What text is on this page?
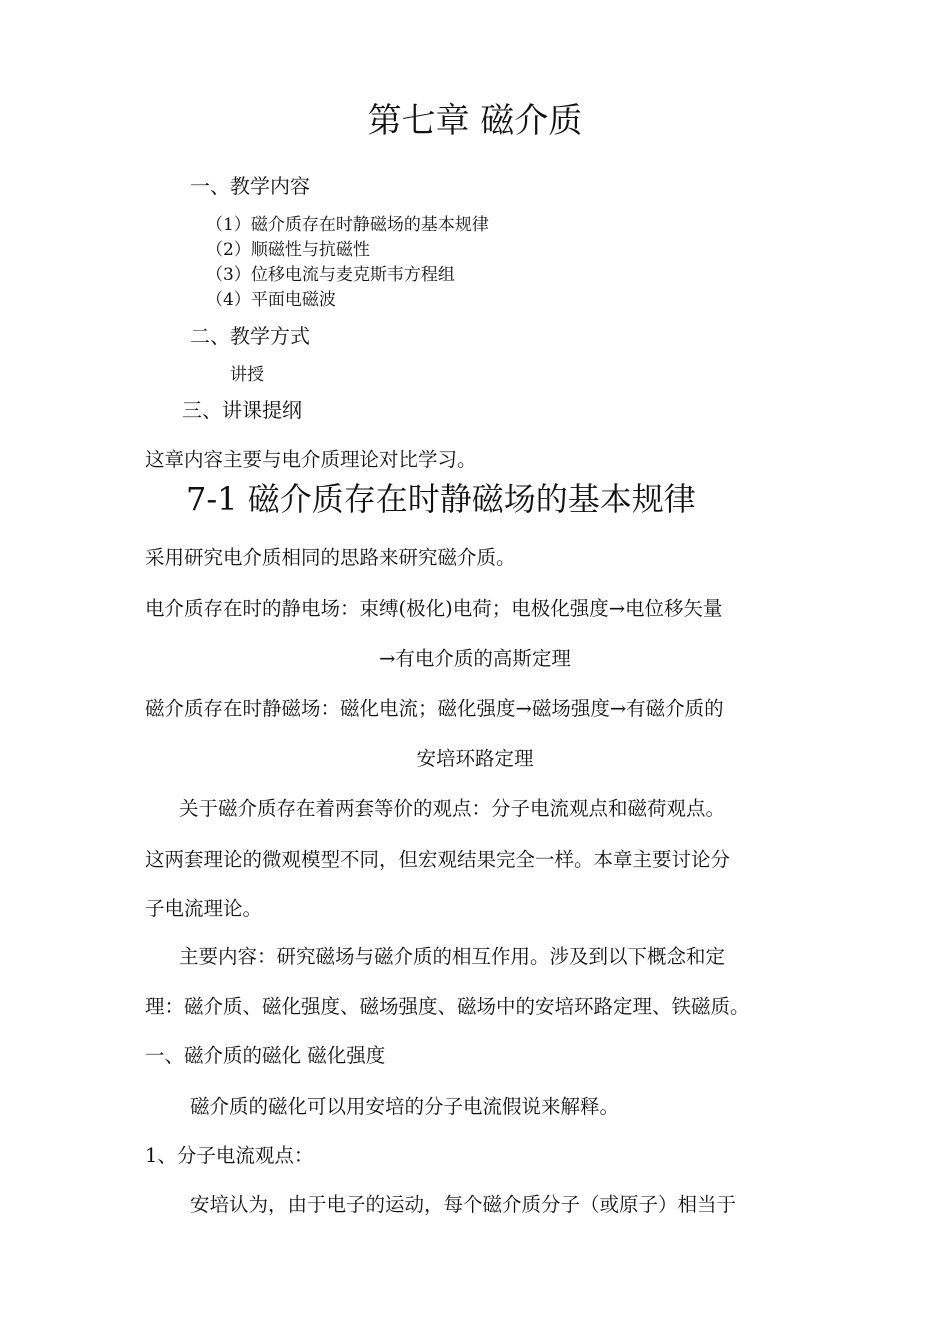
第七章 磁介质
一、教学内容
（1）磁介质存在时静磁场的基本规律
（2）顺磁性与抗磁性
（3）位移电流与麦克斯韦方程组
（4）平面电磁波
二、教学方式
讲授
三、讲课提纲
这章内容主要与电介质理论对比学习。
7-1 磁介质存在时静磁场的基本规律
采用研究电介质相同的思路来研究磁介质。
电介质存在时的静电场：束缚(极化)电荷；电极化强度→电位移矢量
→有电介质的高斯定理
磁介质存在时静磁场：磁化电流；磁化强度→磁场强度→有磁介质的
安培环路定理
关于磁介质存在着两套等价的观点：分子电流观点和磁荷观点。
这两套理论的微观模型不同，但宏观结果完全一样。本章主要讨论分
子电流理论。
主要内容：研究磁场与磁介质的相互作用。涉及到以下概念和定
理：磁介质、磁化强度、磁场强度、磁场中的安培环路定理、铁磁质。
一、磁介质的磁化 磁化强度
磁介质的磁化可以用安培的分子电流假说来解释。
1、分子电流观点：
安培认为，由于电子的运动，每个磁介质分子（或原子）相当于
